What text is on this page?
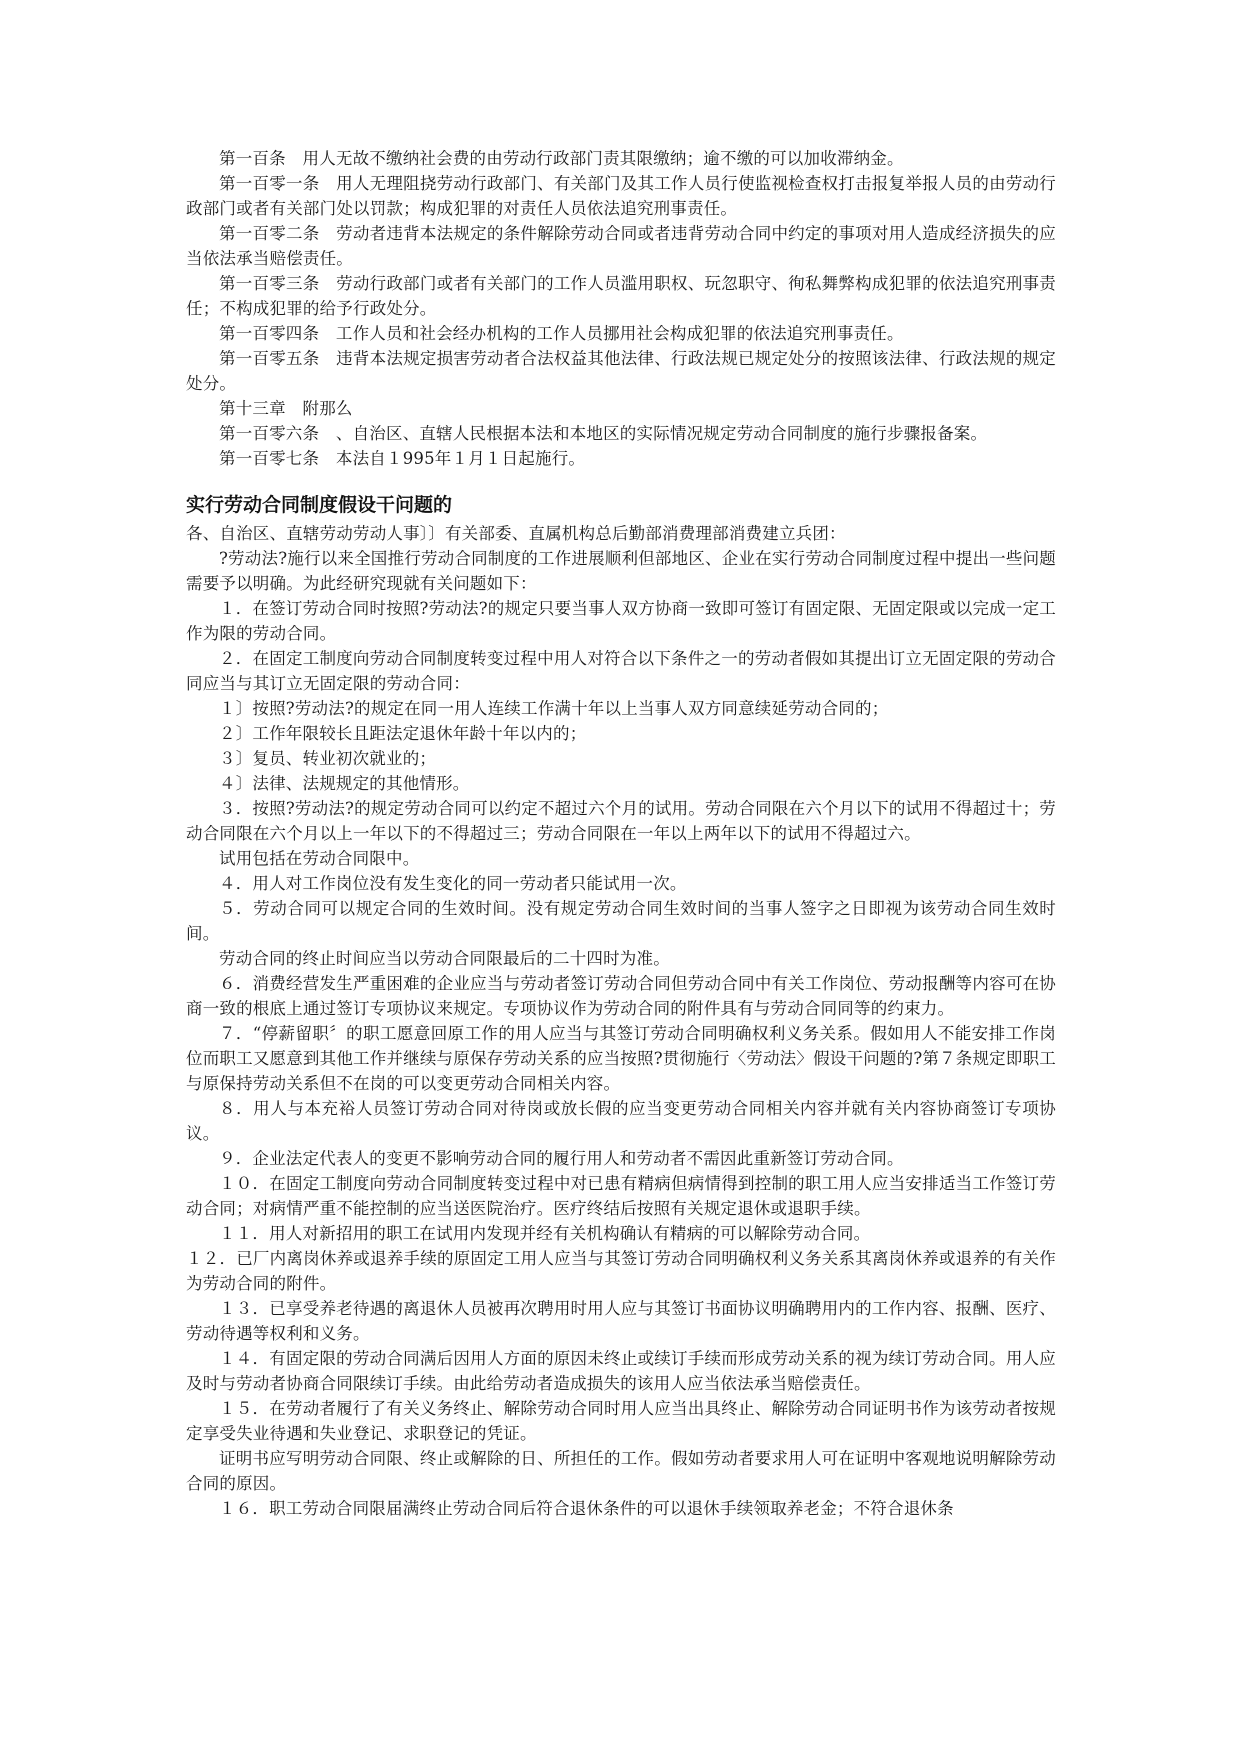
第一百条　用人无故不缴纳社会费的由劳动行政部门责其限缴纳；逾不缴的可以加收滞纳金。

第一百零一条　用人无理阻挠劳动行政部门、有关部门及其工作人员行使监视检查权打击报复举报人员的由劳动行政部门或者有关部门处以罚款；构成犯罪的对责任人员依法追究刑事责任。

第一百零二条　劳动者违背本法规定的条件解除劳动合同或者违背劳动合同中约定的事项对用人造成经济损失的应当依法承当赔偿责任。

第一百零三条　劳动行政部门或者有关部门的工作人员滥用职权、玩忽职守、徇私舞弊构成犯罪的依法追究刑事责任；不构成犯罪的给予行政处分。

第一百零四条　工作人员和社会经办机构的工作人员挪用社会构成犯罪的依法追究刑事责任。

第一百零五条　违背本法规定损害劳动者合法权益其他法律、行政法规已规定处分的按照该法律、行政法规的规定处分。

第十三章　附那么

第一百零六条　、自治区、直辖人民根据本法和本地区的实际情况规定劳动合同制度的施行步骤报备案。

第一百零七条　本法自１995年１月１日起施行。

实行劳动合同制度假设干问题的

各、自治区、直辖劳动劳动人事〕〕有关部委、直属机构总后勤部消费理部消费建立兵团：

?劳动法?施行以来全国推行劳动合同制度的工作进展顺利但部地区、企业在实行劳动合同制度过程中提出一些问题需要予以明确。为此经研究现就有关问题如下：

１．在签订劳动合同时按照?劳动法?的规定只要当事人双方协商一致即可签订有固定限、无固定限或以完成一定工作为限的劳动合同。

２．在固定工制度向劳动合同制度转变过程中用人对符合以下条件之一的劳动者假如其提出订立无固定限的劳动合同应当与其订立无固定限的劳动合同：

１〕按照?劳动法?的规定在同一用人连续工作满十年以上当事人双方同意续延劳动合同的；

２〕工作年限较长且距法定退休年龄十年以内的；

３〕复员、转业初次就业的；

４〕法律、法规规定的其他情形。

３．按照?劳动法?的规定劳动合同可以约定不超过六个月的试用。劳动合同限在六个月以下的试用不得超过十；劳动合同限在六个月以上一年以下的不得超过三；劳动合同限在一年以上两年以下的试用不得超过六。

试用包括在劳动合同限中。

４．用人对工作岗位没有发生变化的同一劳动者只能试用一次。

５．劳动合同可以规定合同的生效时间。没有规定劳动合同生效时间的当事人签字之日即视为该劳动合同生效时间。

劳动合同的终止时间应当以劳动合同限最后的二十四时为准。

６．消费经营发生严重困难的企业应当与劳动者签订劳动合同但劳动合同中有关工作岗位、劳动报酬等内容可在协商一致的根底上通过签订专项协议来规定。专项协议作为劳动合同的附件具有与劳动合同同等的约束力。

７．“停薪留职〞的职工愿意回原工作的用人应当与其签订劳动合同明确权利义务关系。假如用人不能安排工作岗位而职工又愿意到其他工作并继续与原保存劳动关系的应当按照?贯彻施行〈劳动法〉假设干问题的?第７条规定即职工与原保持劳动关系但不在岗的可以变更劳动合同相关内容。

８．用人与本充裕人员签订劳动合同对待岗或放长假的应当变更劳动合同相关内容并就有关内容协商签订专项协议。

９．企业法定代表人的变更不影响劳动合同的履行用人和劳动者不需因此重新签订劳动合同。

１０．在固定工制度向劳动合同制度转变过程中对已患有精病但病情得到控制的职工用人应当安排适当工作签订劳动合同；对病情严重不能控制的应当送医院治疗。医疗终结后按照有关规定退休或退职手续。

１１．用人对新招用的职工在试用内发现并经有关机构确认有精病的可以解除劳动合同。

１２．已厂内离岗休养或退养手续的原固定工用人应当与其签订劳动合同明确权利义务关系其离岗休养或退养的有关作为劳动合同的附件。

１３．已享受养老待遇的离退休人员被再次聘用时用人应与其签订书面协议明确聘用内的工作内容、报酬、医疗、劳动待遇等权利和义务。

１４．有固定限的劳动合同满后因用人方面的原因未终止或续订手续而形成劳动关系的视为续订劳动合同。用人应及时与劳动者协商合同限续订手续。由此给劳动者造成损失的该用人应当依法承当赔偿责任。

１５．在劳动者履行了有关义务终止、解除劳动合同时用人应当出具终止、解除劳动合同证明书作为该劳动者按规定享受失业待遇和失业登记、求职登记的凭证。

证明书应写明劳动合同限、终止或解除的日、所担任的工作。假如劳动者要求用人可在证明中客观地说明解除劳动合同的原因。

１６．职工劳动合同限届满终止劳动合同后符合退休条件的可以退休手续领取养老金；不符合退休条
